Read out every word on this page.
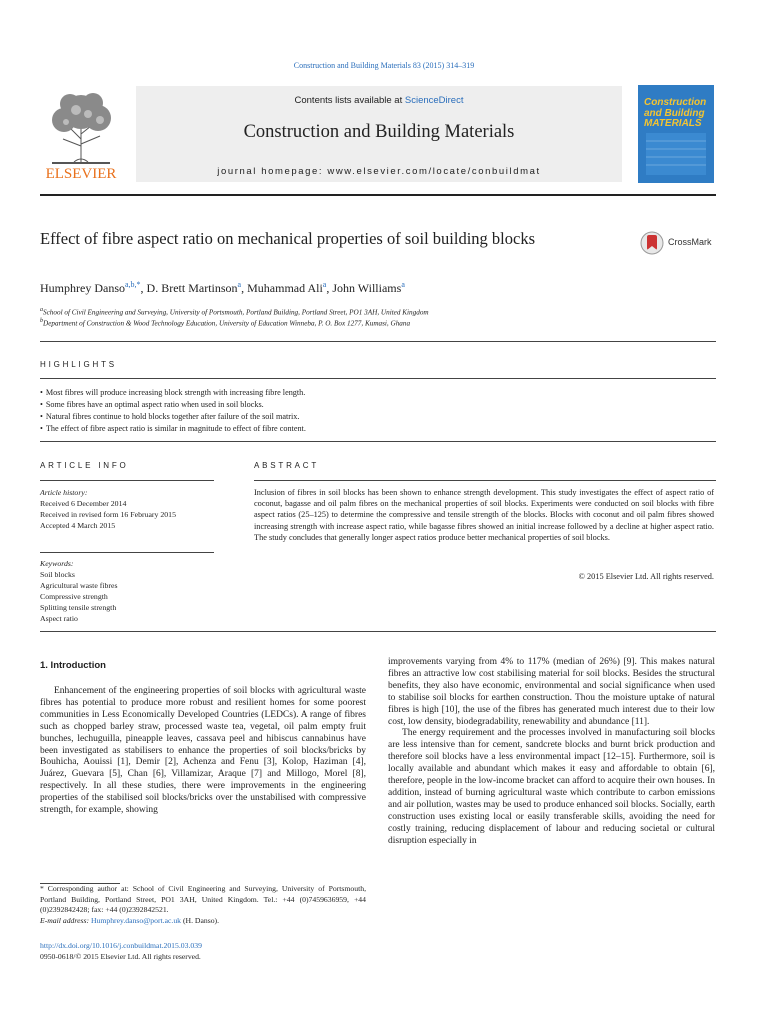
Construction and Building Materials 83 (2015) 314–319
Contents lists available at ScienceDirect
Construction and Building Materials
journal homepage: www.elsevier.com/locate/conbuildmat
ELSEVIER
Construction and Building MATERIALS
Effect of fibre aspect ratio on mechanical properties of soil building blocks	CrossMark
Humphrey Danso$^{a,b,*}$, D. Brett Martinson$^a$, Muhammad Ali$^a$, John Williams$^a$
$^a$School of Civil Engineering and Surveying, University of Portsmouth, Portland Building, Portland Street, PO1 3AH, United Kingdom
$^b$Department of Construction & Wood Technology Education, University of Education Winneba, P. O. Box 1277, Kumasi, Ghana
HIGHLIGHTS
• Most fibres will produce increasing block strength with increasing fibre length.
• Some fibres have an optimal aspect ratio when used in soil blocks.
• Natural fibres continue to hold blocks together after failure of the soil matrix.
• The effect of fibre aspect ratio is similar in magnitude to effect of fibre content.
ARTICLE INFO	ABSTRACT
Article history:
Received 6 December 2014
Received in revised form 16 February 2015
Accepted 4 March 2015
Keywords:
Soil blocks
Agricultural waste fibres
Compressive strength
Splitting tensile strength
Aspect ratio
Inclusion of fibres in soil blocks has been shown to enhance strength development. This study investigates the effect of aspect ratio of coconut, bagasse and oil palm fibres on the mechanical properties of soil blocks. Experiments were conducted on soil blocks with fibre aspect ratios (25–125) to determine the compressive and tensile strength of the blocks. Blocks with coconut and oil palm fibres showed increasing strength with increase aspect ratio, while bagasse fibres showed an initial increase followed by a decline at higher aspect ratio. The study concludes that generally longer aspect ratios produce better mechanical properties of soil blocks.
© 2015 Elsevier Ltd. All rights reserved.
1. Introduction
Enhancement of the engineering properties of soil blocks with agricultural waste fibres has potential to produce more robust and resilient homes for some poorest communities in Less Economically Developed Countries (LEDCs). A range of fibres such as chopped barley straw, processed waste tea, vegetal, oil palm empty fruit bunches, lechuguilla, pineapple leaves, cassava peel and hibiscus cannabinus have been investigated as stabilisers to enhance the properties of soil blocks/bricks by Bouhicha, Aouissi [1], Demir [2], Achenza and Fenu [3], Kolop, Haziman [4], Juárez, Guevara [5], Chan [6], Villamizar, Araque [7] and Millogo, Morel [8], respectively. In all these studies, there were improvements in the engineering properties of the stabilised soil blocks/bricks over the unstabilised with compressive strength, for example, showing

improvements varying from 4% to 117% (median of 26%) [9]. This makes natural fibres an attractive low cost stabilising material for soil blocks. Besides the structural benefits, they also have economic, environmental and social significance when used to stabilise soil blocks for earthen construction. Thou the moisture uptake of natural fibres is high [10], the use of the fibres has generated much interest due to their low cost, low density, biodegradability, renewability and abundance [11].

The energy requirement and the processes involved in manufacturing soil blocks are less intensive than for cement, sandcrete blocks and burnt brick production and therefore soil blocks have a less environmental impact [12–15]. Furthermore, soil is locally available and abundant which makes it easy and affordable to obtain [6], therefore, people in the low-income bracket can afford to acquire their own houses. In addition, instead of burning agricultural waste which contribute to carbon emissions and air pollution, wastes may be used to produce enhanced soil blocks. Socially, earth construction uses existing local or easily transferable skills, avoiding the need for costly training, reducing displacement of labour and reducing societal or cultural disruption especially in

* Corresponding author at: School of Civil Engineering and Surveying, University of Portsmouth, Portland Building, Portland Street, PO1 3AH, United Kingdom. Tel.: +44 (0)7459636959, +44 (0)2392842428; fax: +44 (0)2392842521.
E-mail address: Humphrey.danso@port.ac.uk (H. Danso).
http://dx.doi.org/10.1016/j.conbuildmat.2015.03.039
0950-0618/© 2015 Elsevier Ltd. All rights reserved.
